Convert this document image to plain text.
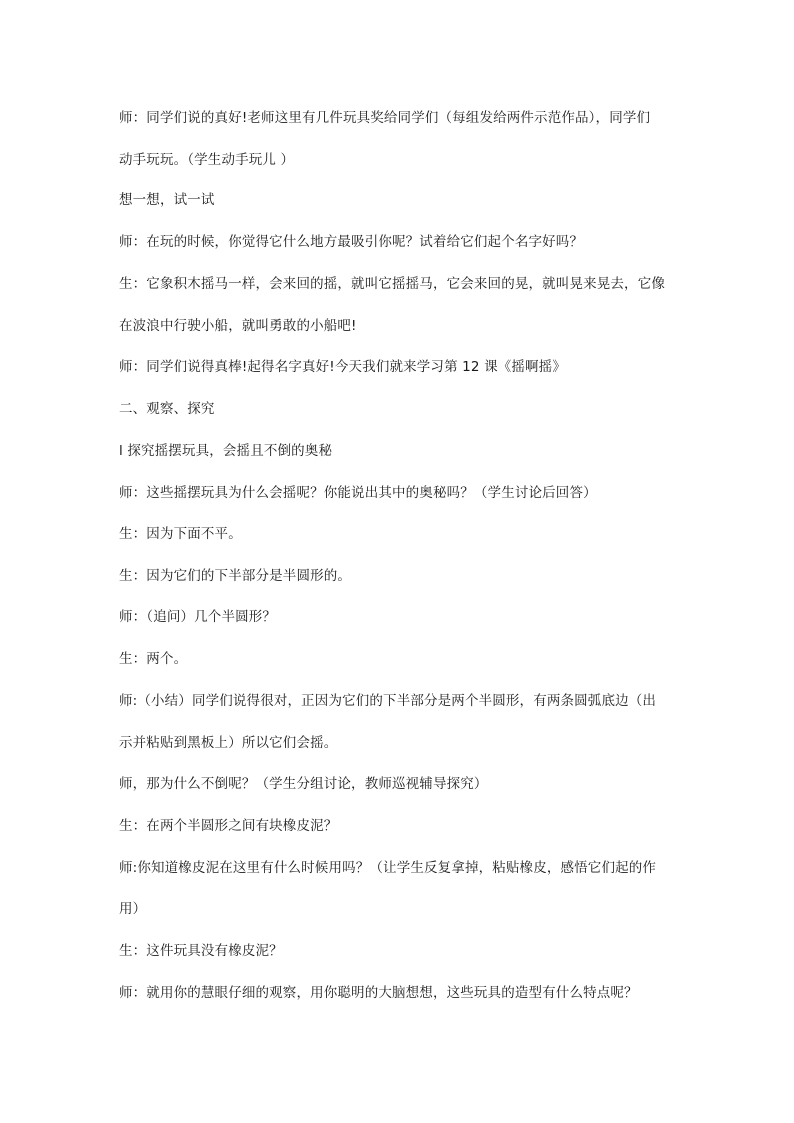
师：同学们说的真好!老师这里有几件玩具奖给同学们（每组发给两件示范作品），同学们
动手玩玩。（学生动手玩儿 ）
想一想，试一试
师：在玩的时候，你觉得它什么地方最吸引你呢？试着给它们起个名字好吗？
生：它象积木摇马一样，会来回的摇，就叫它摇摇马，它会来回的晃，就叫晃来晃去，它像
在波浪中行驶小船，就叫勇敢的小船吧!
师：同学们说得真棒!起得名字真好!今天我们就来学习第 12 课《摇啊摇》
二、观察、探究
l 探究摇摆玩具，会摇且不倒的奥秘
师：这些摇摆玩具为什么会摇呢？你能说出其中的奥秘吗？（学生讨论后回答）
生：因为下面不平。
生：因为它们的下半部分是半圆形的。
师：（追问）几个半圆形？
生：两个。
师:（小结）同学们说得很对，正因为它们的下半部分是两个半圆形，有两条圆弧底边（出
示并粘贴到黑板上）所以它们会摇。
师，那为什么不倒呢？（学生分组讨论，教师巡视辅导探究）
生：在两个半圆形之间有块橡皮泥？
师:你知道橡皮泥在这里有什么时候用吗？（让学生反复拿掉，粘贴橡皮，感悟它们起的作
用）
生：这件玩具没有橡皮泥？
师：就用你的慧眼仔细的观察，用你聪明的大脑想想，这些玩具的造型有什么特点呢？
